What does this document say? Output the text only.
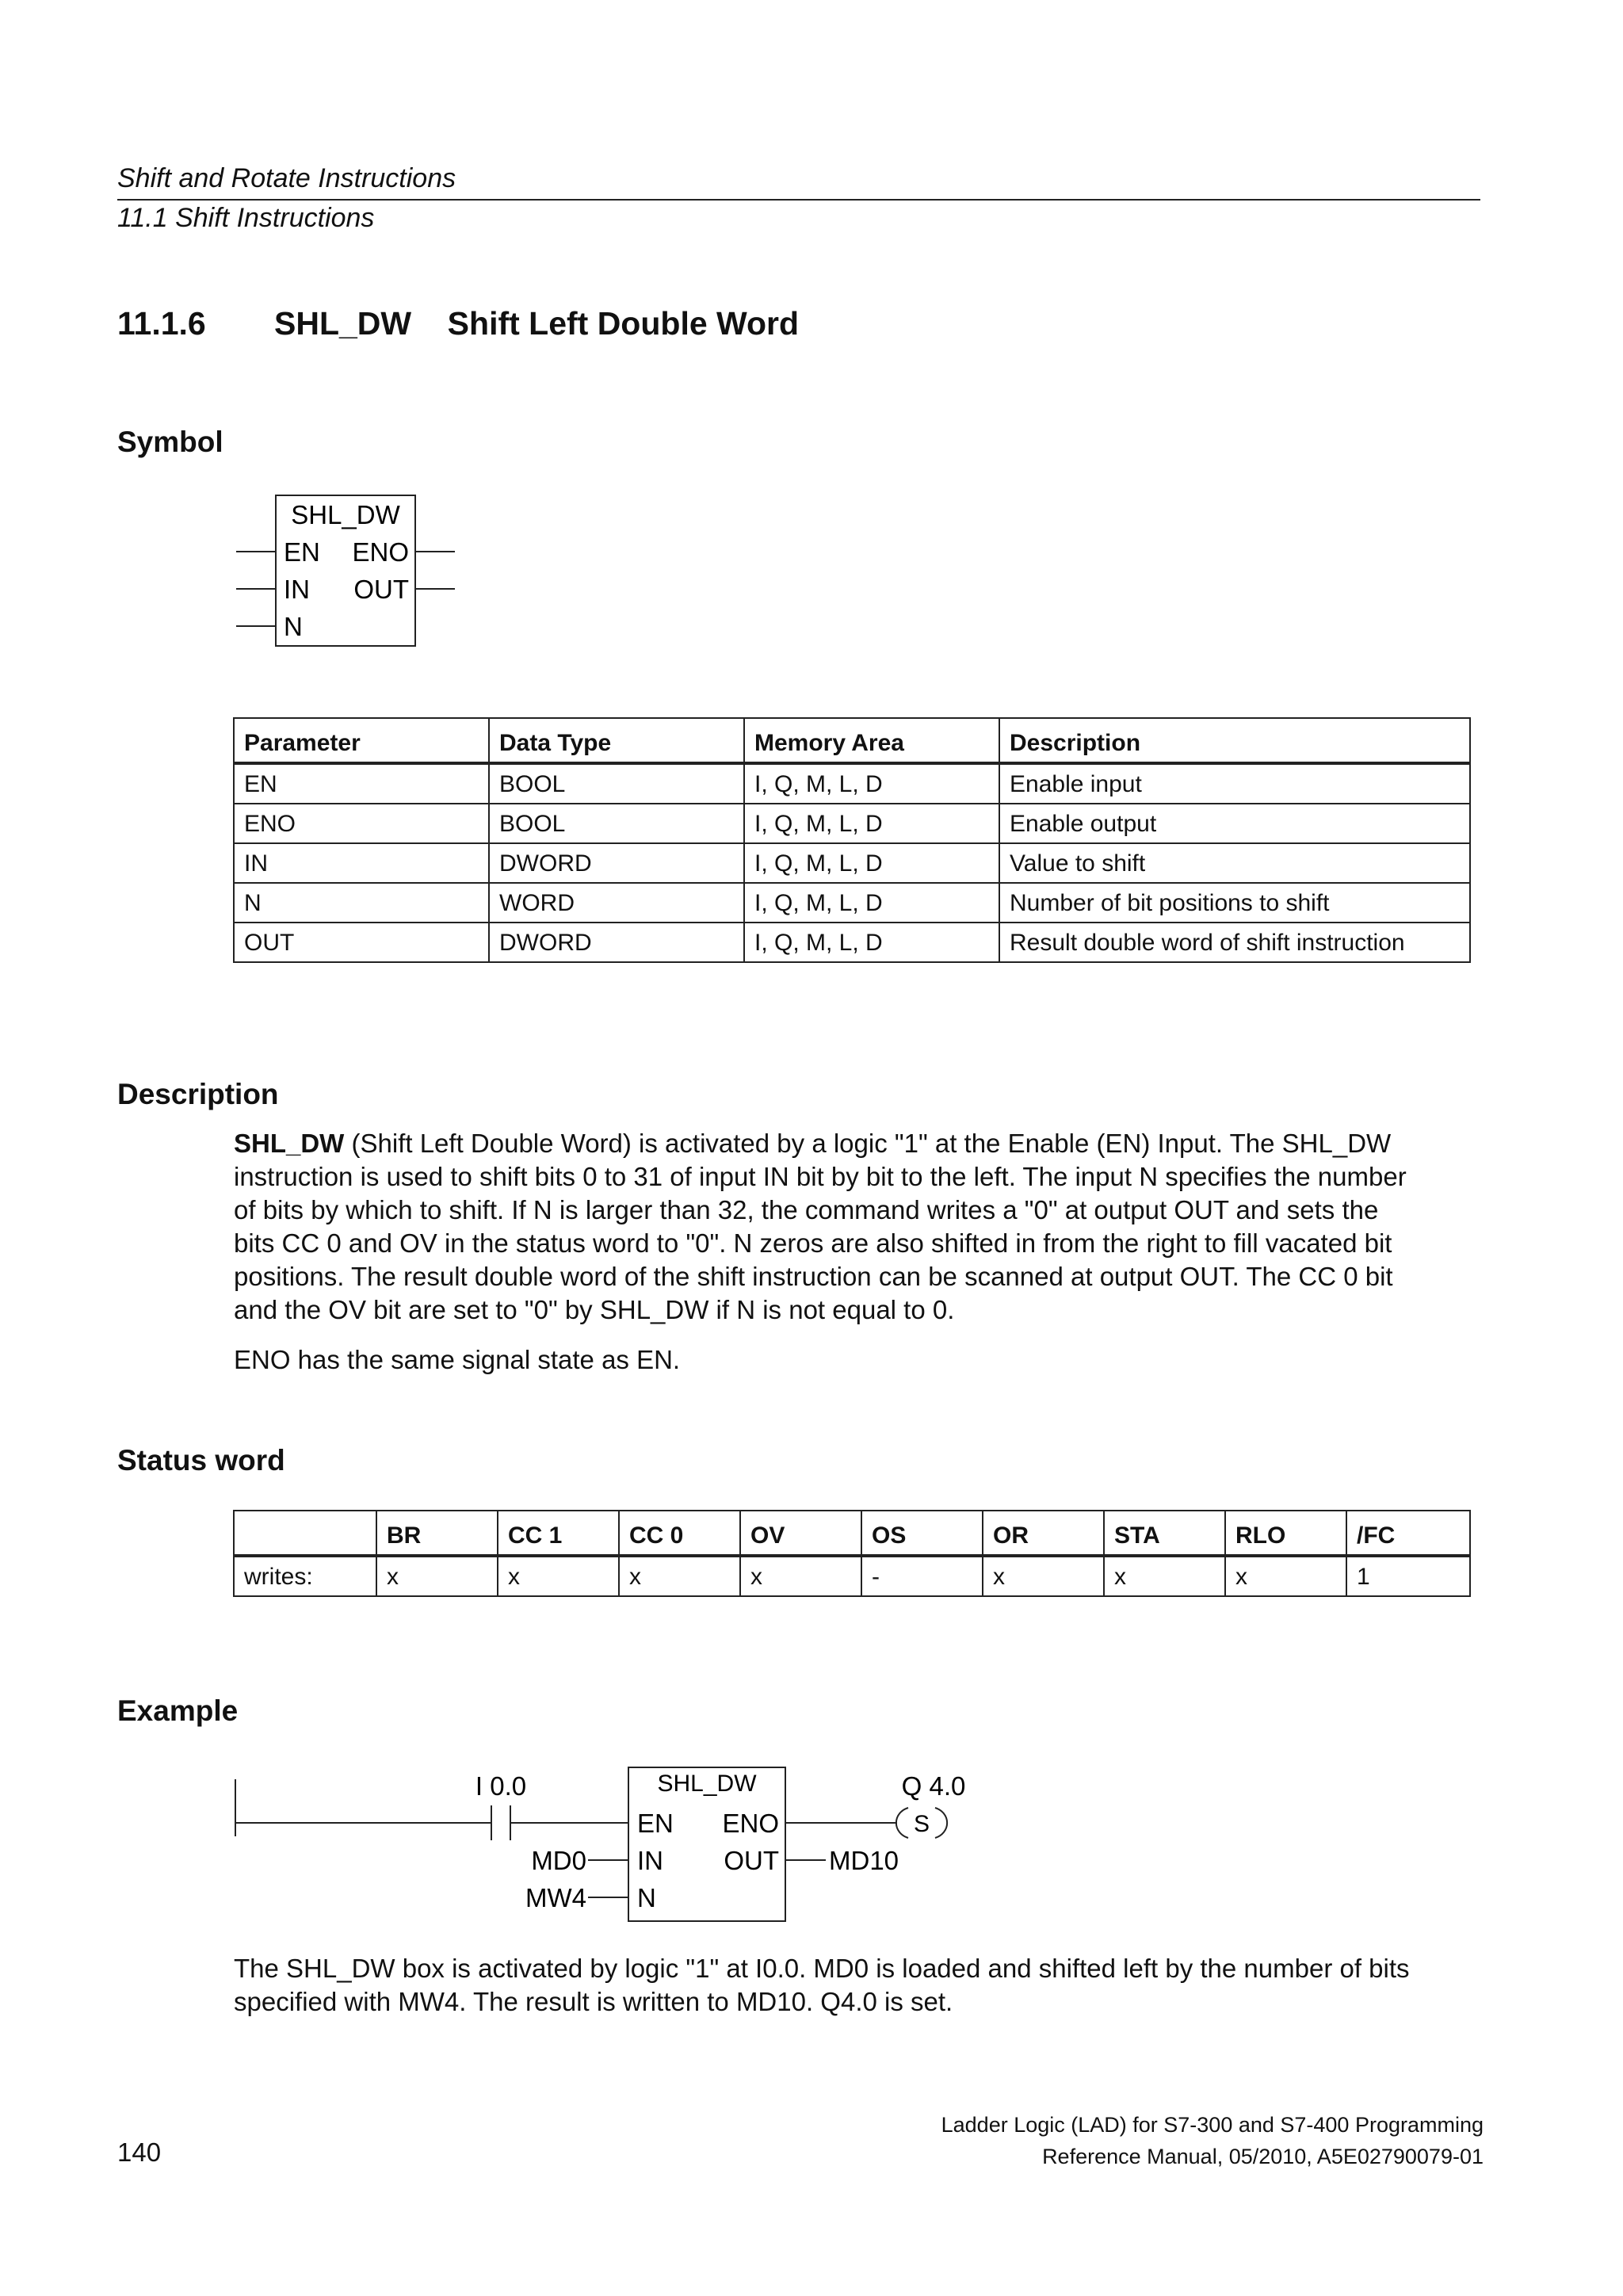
Shift and Rotate Instructions
11.1 Shift Instructions
11.1.6 SHL_DW    Shift Left Double Word
Symbol
SHL_DW
EN ENO
IN OUT
N
Parameter	Data Type	Memory Area	Description
EN	BOOL	I, Q, M, L, D	Enable input
ENO	BOOL	I, Q, M, L, D	Enable output
IN	DWORD	I, Q, M, L, D	Value to shift
N	WORD	I, Q, M, L, D	Number of bit positions to shift
OUT	DWORD	I, Q, M, L, D	Result double word of shift instruction
Description
SHL_DW (Shift Left Double Word) is activated by a logic "1" at the Enable (EN) Input. The SHL_DW
instruction is used to shift bits 0 to 31 of input IN bit by bit to the left. The input N specifies the number
of bits by which to shift. If N is larger than 32, the command writes a "0" at output OUT and sets the
bits CC 0 and OV in the status word to "0". N zeros are also shifted in from the right to fill vacated bit
positions. The result double word of the shift instruction can be scanned at output OUT. The CC 0 bit
and the OV bit are set to "0" by SHL_DW if N is not equal to 0.
ENO has the same signal state as EN.
Status word
	BR	CC 1	CC 0	OV	OS	OR	STA	RLO	/FC
writes:	x	x	x	x	-	x	x	x	1
Example
I 0.0	SHL_DW
EN ENO
IN OUT
N
MD0
MW4
S
Q 4.0
MD10
The SHL_DW box is activated by logic "1" at I0.0. MD0 is loaded and shifted left by the number of bits
specified with MW4. The result is written to MD10. Q4.0 is set.
140
Ladder Logic (LAD) for S7-300 and S7-400 Programming
Reference Manual, 05/2010, A5E02790079-01
